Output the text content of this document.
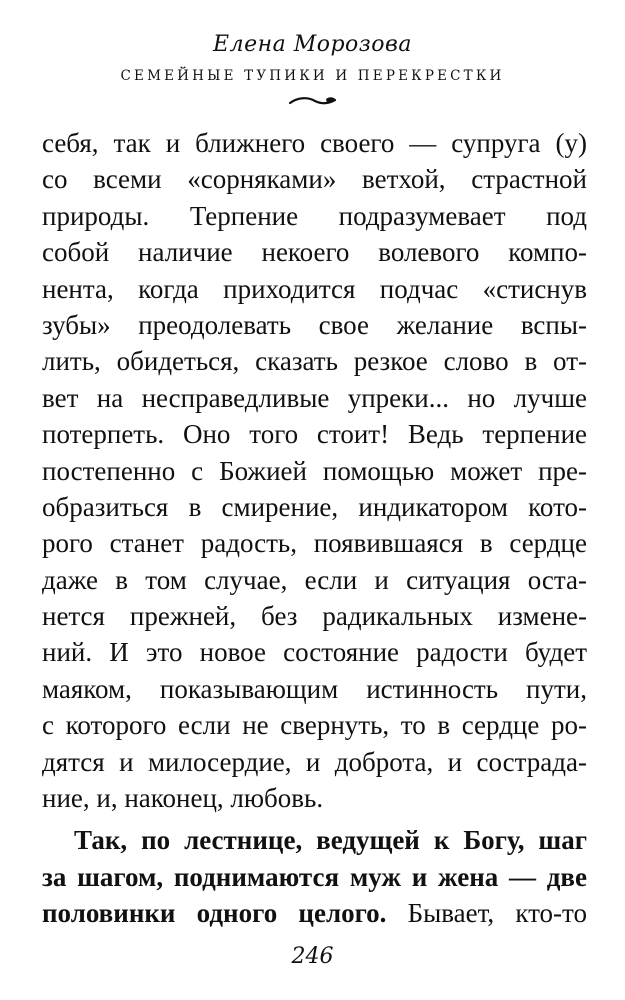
Елена Морозова
СЕМЕЙНЫЕ ТУПИКИ И ПЕРЕКРЕСТКИ
себя, так и ближнего своего — супруга (у)
со всеми «сорняками» ветхой, страстной
природы. Терпение подразумевает под
собой наличие некоего волевого компо-
нента, когда приходится подчас «стиснув
зубы» преодолевать свое желание вспы-
лить, обидеться, сказать резкое слово в от-
вет на несправедливые упреки... но лучше
потерпеть. Оно того стоит! Ведь терпение
постепенно с Божией помощью может пре-
образиться в смирение, индикатором кото-
рого станет радость, появившаяся в сердце
даже в том случае, если и ситуация оста-
нется прежней, без радикальных измене-
ний. И это новое состояние радости будет
маяком, показывающим истинность пути,
с которого если не свернуть, то в сердце ро-
дятся и милосердие, и доброта, и сострада-
ние, и, наконец, любовь.
Так, по лестнице, ведущей к Богу, шаг
за шагом, поднимаются муж и жена — две
половинки одного целого. Бывает, кто-то
246
